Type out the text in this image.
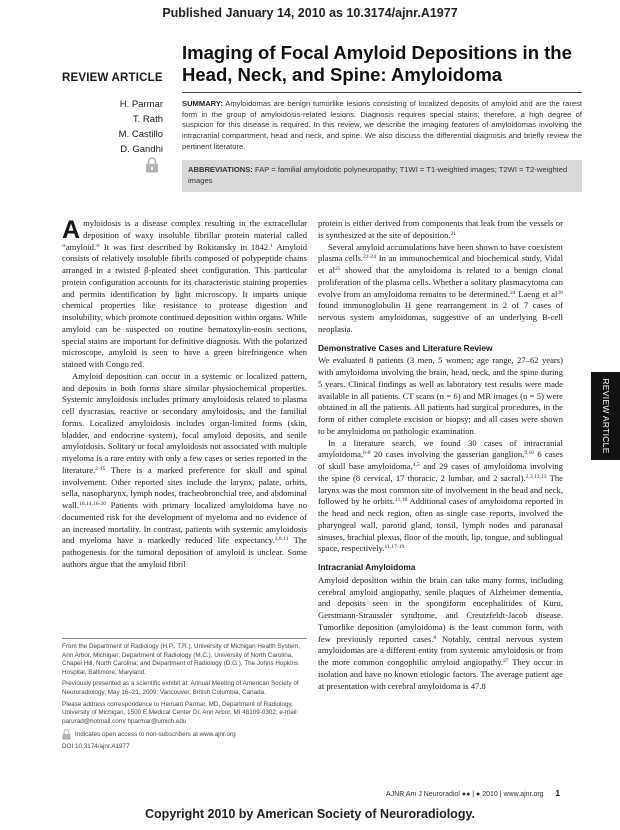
Published January 14, 2010 as 10.3174/ajnr.A1977
REVIEW ARTICLE
Imaging of Focal Amyloid Depositions in the Head, Neck, and Spine: Amyloidoma
H. Parmar
T. Rath
M. Castillo
D. Gandhi
SUMMARY: Amyloidomas are benign tumorlike lesions consisting of localized deposits of amyloid and are the rarest form in the group of amyloidosis-related lesions. Diagnosis requires special stains; therefore, a high degree of suspicion for this disease is required. In this review, we describe the imaging features of amyloidomas involving the intracranial compartment, head and neck, and spine. We also discuss the differential diagnosis and briefly review the pertinent literature.
ABBREVIATIONS: FAP = familial amyloidotic polyneuropathy; T1WI = T1-weighted images; T2WI = T2-weighted images

Amyloidosis is a disease complex resulting in the extracellular deposition of waxy insoluble fibrillar protein material called “amyloid.” It was first described by Rokitansky in 1842.$^1$ Amyloid consists of relatively insoluble fibrils composed of polypeptide chains arranged in a twisted β-pleated sheet configuration. This particular protein configuration accounts for its characteristic staining properties and permits identification by light microscopy. It imparts unique chemical properties like resistance to protease digestion and insolubility, which promote continued deposition within organs. While amyloid can be suspected on routine hematoxylin-eosin sections, special stains are important for definitive diagnosis. With the polarized microscope, amyloid is seen to have a green birefringence when stained with Congo red.

Amyloid deposition can occur in a systemic or localized pattern, and deposits in both forms share similar physiochemical properties. Systemic amyloidosis includes primary amyloidosis related to plasma cell dyscrasias, reactive or secondary amyloidosis, and the familial forms. Localized amyloidosis includes organ-limited forms (skin, bladder, and endocrine system), focal amyloid deposits, and senile amyloidosis. Solitary or focal amyloidosis not associated with multiple myeloma is a rare entity with only a few cases or series reported in the literature.$^{2-15}$ There is a marked preference for skull and spinal involvement. Other reported sites include the larynx, palate, orbits, sella, nasopharynx, lymph nodes, tracheobronchial tree, and abdominal wall.$^{10,14,16-20}$ Patients with primary localized amyloidoma have no documented risk for the development of myeloma and no evidence of an increased mortality. In contrast, patients with systemic amyloidosis and myeloma have a markedly reduced life expectancy.$^{3,8,11}$ The pathogenesis for the tumoral deposition of amyloid is unclear. Some authors argue that the amyloid fibril

protein is either derived from components that leak from the vessels or is synthesized at the site of deposition.$^{21}$

Several amyloid accumulations have been shown to have coexistent plasma cells.$^{22-24}$ In an immunochemical and biochemical study, Vidal et $al^{25}$ showed that the amyloidoma is related to a benign clonal proliferation of the plasma cells. Whether a solitary plasmacytoma can evolve from an amyloidoma remains to be determined.$^{24}$ Laeng et $al^{26}$ found immunoglobulin H gene rearrangement in 2 of 7 cases of nervous system amyloidomas, suggestive of an underlying B-cell neoplasia.

Demonstrative Cases and Literature Review

We evaluated 8 patients (3 men, 5 women; age range, 27–62 years) with amyloidoma involving the brain, head, neck, and the spine during 5 years. Clinical findings as well as laboratory test results were made available in all patients. CT scans (n = 6) and MR images (n = 5) were obtained in all the patients. All patients had surgical procedures, in the form of either complete excision or biopsy; and all cases were shown to be amyloidoma on pathologic examination.

In a literature search, we found 30 cases of intracranial amyloidoma,$^{6-8}$ 20 cases involving the gasserian ganglion,$^{9,16}$ 6 cases of skull base amyloidoma,$^{4,5}$ and 29 cases of amyloidoma involving the spine (8 cervical, 17 thoracic, 2 lumbar, and 2 sacral).$^{2,3,12,13}$ The larynx was the most common site of involvement in the head and neck, followed by he orbits.$^{11,18}$ Additional cases of amyloidoma reported in the head and neck region, often as single case reports, involved the pharyngeal wall, parotid gland, tonsil, lymph nodes and paranasal sinuses, brachial plexus, floor of the mouth, lip, tongue, and sublingual space, respectively.$^{11,17-19}$

Intracranial Amyloidoma

Amyloid deposition within the brain can take many forms, including cerebral amyloid angiopathy, senile plaques of Alzheimer dementia, and deposits seen in the spongiform encephalitides of Kuru, Gerstmann-Straussler syndrome, and Creutzfeldt-Jacob disease. Tumorlike deposition (amyloidoma) is the least common form, with few previously reported cases.$^8$ Notably, central nervous system amyloidomas are a different entity from systemic amyloidosis or from the more common congophilic amyloid angiopathy.$^{27}$ They occur in isolation and have no known etiologic factors. The average patient age at presentation with cerebral amyloidoma is 47.8

From the Department of Radiology (H.P., T.R.), University of Michigan Health System, Ann Arbor, Michigan; Department of Radiology (M.C.), University of North Carolina, Chapel Hill, North Carolina; and Department of Radiology (D.G.), The Johns Hopkins Hospital, Baltimore, Maryland.

Previously presented as a scientific exhibit at: Annual Meeting of American Society of Neuroradiology, May 16–21, 2009; Vancouver, British Columbia, Canada.

Please address correspondence to Hemant Parmar, MD, Department of Radiology, University of Michigan, 1500 E Medical Center Dr, Ann Arbor, MI 48109-0302; e-mail: parurad@hotmail.com/ hparmar@umich.edu

Indicates open access to non-subscribers at www.ajnr.org

DOI 10.3174/ajnr.A1977

REVIEW ARTICLE
AJNR Am J Neuroradiol ●● | ● 2010 | www.ajnr.org 1
Copyright 2010 by American Society of Neuroradiology.
